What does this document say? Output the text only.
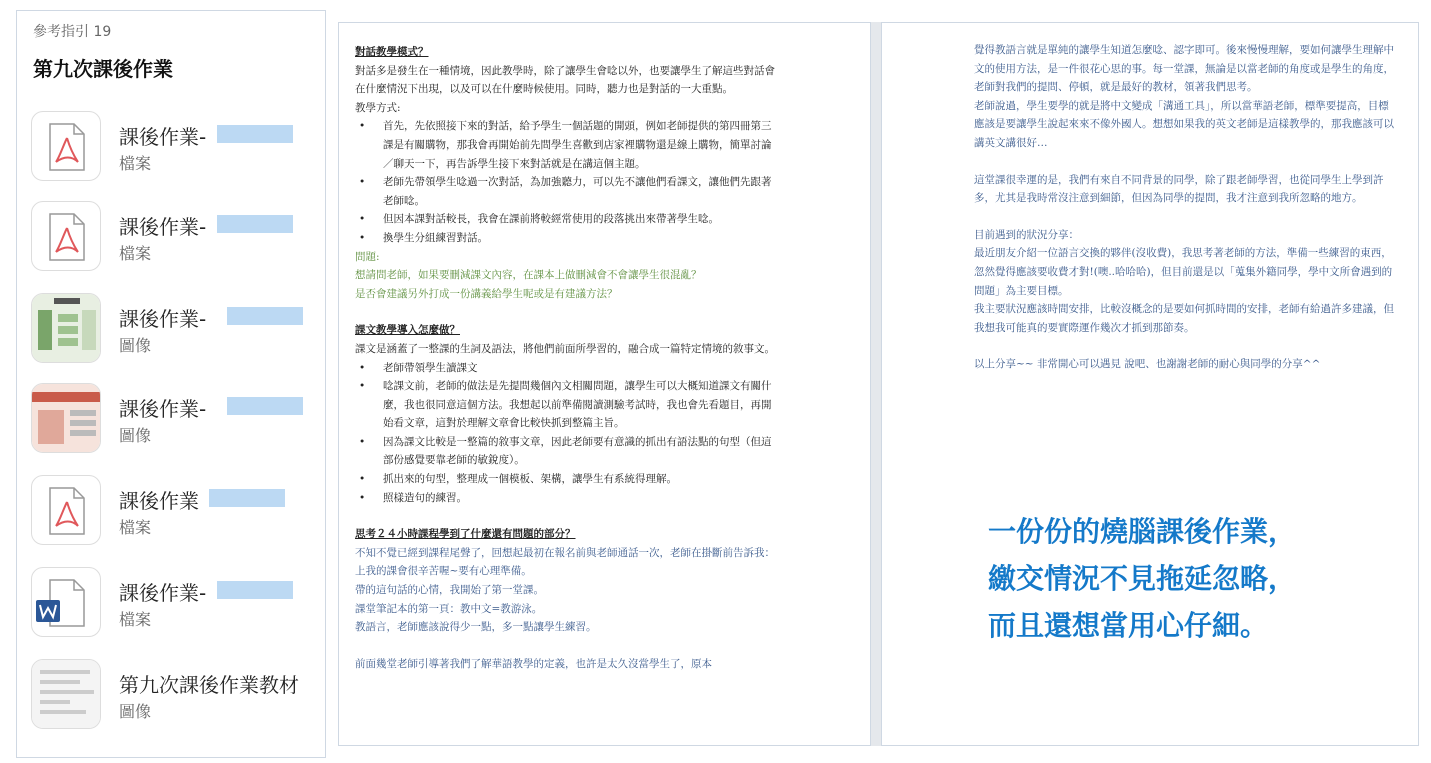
參考指引 19
第九次課後作業
課後作業-
檔案
課後作業-
檔案
課後作業-
圖像
課後作業-
圖像
課後作業
檔案
課後作業-
檔案
第九次課後作業教材
圖像

對話教學模式？

對話多是發生在一種情境，因此教學時，除了讓學生會唸以外，也要讓學生了解這些對話會在什麼情況下出現，以及可以在什麼時候使用。同時，聽力也是對話的一大重點。

教學方式:

• 首先，先依照接下來的對話，給予學生一個話題的開頭，例如老師提供的第四冊第三課是有關購物，那我會再開始前先問學生喜歡到店家裡購物還是線上購物，簡單討論／聊天一下，再告訴學生接下來對話就是在講這個主題。
• 老師先帶領學生唸過一次對話，為加強聽力，可以先不讓他們看課文，讓他們先跟著老師唸。
• 但因本課對話較長，我會在課前將較經常使用的段落挑出來帶著學生唸。
• 換學生分組練習對話。

問題:

想請問老師，如果要刪減課文內容，在課本上做刪減會不會讓學生很混亂？

是否會建議另外打成一份講義給學生呢或是有建議方法？

課文教學導入怎麼做？

課文是涵蓋了一整課的生詞及語法，將他們前面所學習的，融合成一篇特定情境的敘事文。

• 老師帶領學生讀課文
• 唸課文前，老師的做法是先提問幾個內文相關問題，讓學生可以大概知道課文有關什麼，我也很同意這個方法。我想起以前準備閱讀測驗考試時，我也會先看題目，再開始看文章，這對於理解文章會比較快抓到整篇主旨。
• 因為課文比較是一整篇的敘事文章，因此老師要有意識的抓出有語法點的句型（但這部份感覺要靠老師的敏銳度）。
• 抓出來的句型，整理成一個模板、架構，讓學生有系統得理解。
• 照樣造句的練習。

思考２４小時課程學到了什麼還有問題的部分？

不知不覺已經到課程尾聲了，回想起最初在報名前與老師通話一次，老師在掛斷前告訴我：上我的課會很辛苦喔~要有心理準備。

帶的這句話的心情，我開始了第一堂課。

課堂筆記本的第一頁：教中文=教游泳。

教語言，老師應該說得少一點，多一點讓學生練習。

前面幾堂老師引導著我們了解華語教學的定義，也許是太久沒當學生了，原本

覺得教語言就是單純的讓學生知道怎麼唸、認字即可。後來慢慢理解，要如何讓學生理解中文的使用方法，是一件很花心思的事。每一堂課，無論是以當老師的角度或是學生的角度，老師對我們的提問、停頓，就是最好的教材，領著我們思考。

老師說過，學生要學的就是將中文變成「溝通工具」，所以當華語老師，標準要提高，目標應該是要讓學生說起來來不像外國人。想想如果我的英文老師是這樣教學的，那我應該可以講英文講很好…

這堂課很幸運的是，我們有來自不同背景的同學，除了跟老師學習，也從同學生上學到許多，尤其是我時常沒注意到細節，但因為同學的提問，我才注意到我所忽略的地方。

目前遇到的狀況分享：

最近朋友介紹一位語言交換的夥伴(沒收費)，我思考著老師的方法，準備一些練習的東西，忽然覺得應該要收費才對!(噢..哈哈哈)，但目前還是以「蒐集外籍同學，學中文所會遇到的問題」為主要目標。

我主要狀況應該時間安排，比較沒概念的是要如何抓時間的安排，老師有給過許多建議，但我想我可能真的要實際運作幾次才抓到那節奏。

以上分享~~ 非常開心可以遇見 說吧、也謝謝老師的耐心與同學的分享^^

一份份的燒腦課後作業，
繳交情況不見拖延忽略，
而且還想當用心仔細。
